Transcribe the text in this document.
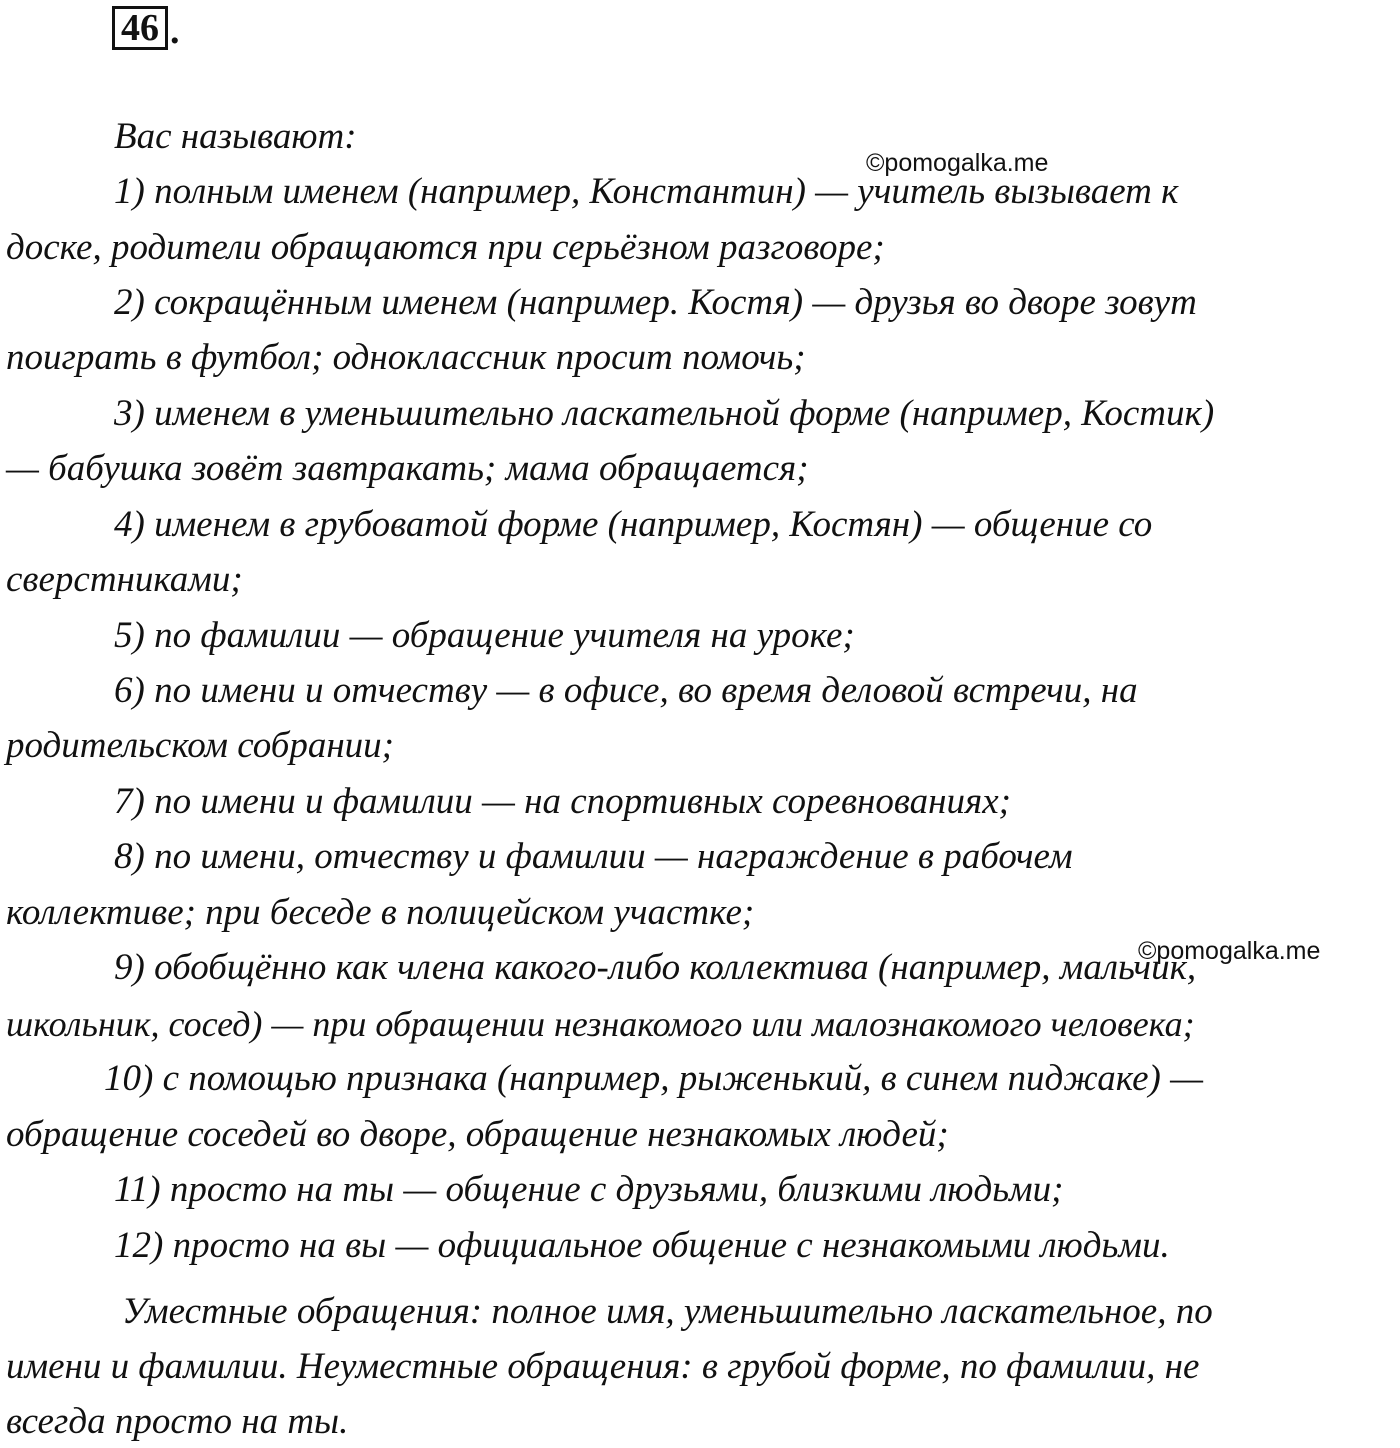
46 .
©pomogalka.me
©pomogalka.me
Вас называют:
1) полным именем (например, Константин) — учитель вызывает к
доске, родители обращаются при серьёзном разговоре;
2) сокращённым именем (например. Костя) — друзья во дворе зовут
поиграть в футбол; одноклассник просит помочь;
3) именем в уменьшительно ласкательной форме (например, Костик)
— бабушка зовёт завтракать; мама обращается;
4) именем в грубоватой форме (например, Костян) — общение со
сверстниками;
5) по фамилии — обращение учителя на уроке;
6) по имени и отчеству — в офисе, во время деловой встречи, на
родительском собрании;
7) по имени и фамилии — на спортивных соревнованиях;
8) по имени, отчеству и фамилии — награждение в рабочем
коллективе; при беседе в полицейском участке;
9) обобщённо как члена какого-либо коллектива (например, мальчик,
школьник, сосед) — при обращении незнакомого или малознакомого человека;
10) с помощью признака (например, рыженький, в синем пиджаке) —
обращение соседей во дворе, обращение незнакомых людей;
11) просто на ты — общение с друзьями, близкими людьми;
12) просто на вы — официальное общение с незнакомыми людьми.
Уместные обращения: полное имя, уменьшительно ласкательное, по
имени и фамилии. Неуместные обращения: в грубой форме, по фамилии, не
всегда просто на ты.
